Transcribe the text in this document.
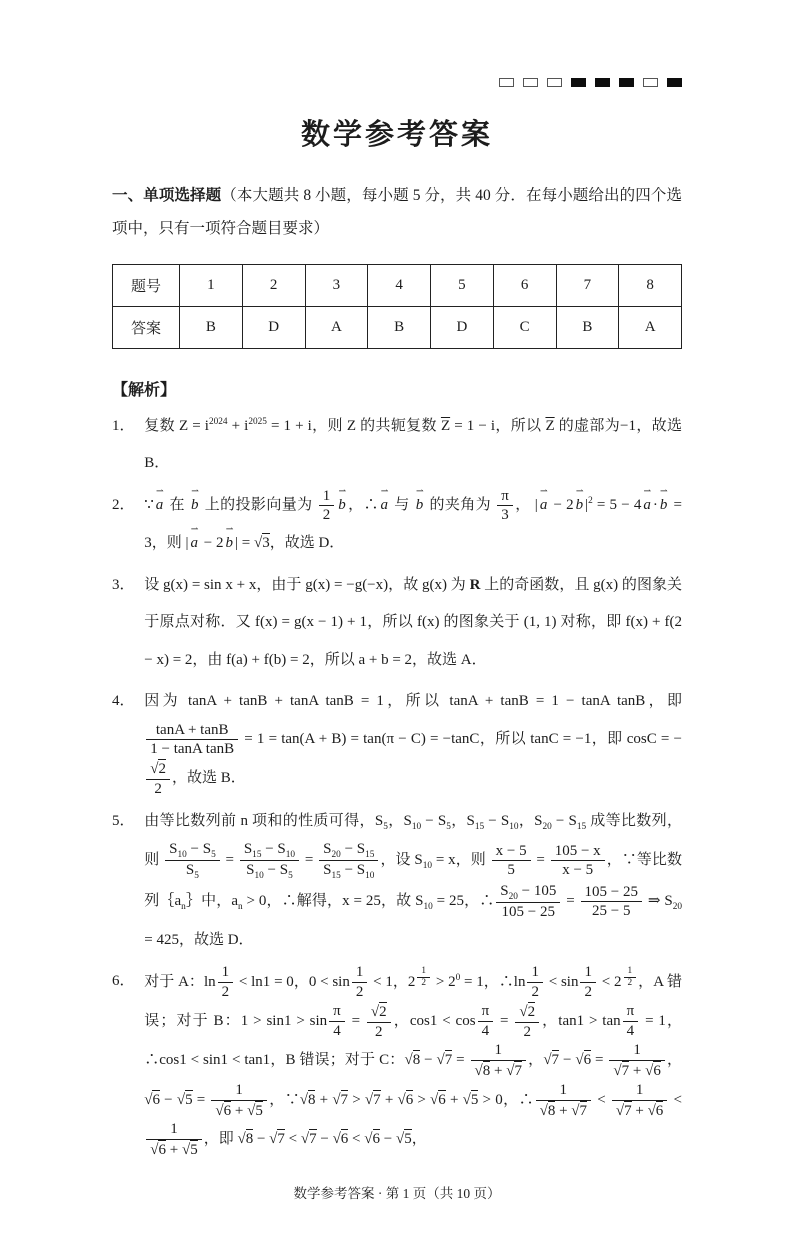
数学参考答案

一、单项选择题（本大题共 8 小题，每小题 5 分，共 40 分．在每小题给出的四个选项中，只有一项符合题目要求）

题号	1	2	3	4	5	6	7	8
答案	B	D	A	B	D	C	B	A
【解析】
1． 复数 $Z = i^{2024} + i^{2025} = 1 + i$，则 Z 的共轭复数 $\overline{Z} = 1 - i$，所以 $\overline{Z}$ 的虚部为−1，故选 B．
2． ∵ a ⇀ 在 b ⇀ 上的投影向量为 $\frac{1}{2}$ b ⇀ ，∴ a ⇀ 与 b ⇀ 的夹角为 $\frac{\pi}{3}$ ， | a ⇀ − 2 b ⇀ $|^2 = 5 - 4$ a ⇀ · b ⇀ = 3，则 | a ⇀ − 2 b ⇀ | = √ 3，故选 D．
3． 设 g(x) = sin x + x，由于 g(x) = −g(−x)，故 g(x) 为 R 上的奇函数，且 g(x) 的图象关于原点对称．又 f(x) = g(x − 1) + 1，所以 f(x) 的图象关于 (1, 1) 对称，即 f(x) + f(2 − x) = 2，由 f(a) + f(b) = 2，所以 a + b = 2，故选 A．
4． 因为 tanA + tanB + tanA tanB = 1，所以 tanA + tanB = 1 − tanA tanB，即
$\frac{\tan A + \tan B}{\text{1 − tanA tanB}} = 1 = \tan(A + B) = \tan(\pi - C) = -\tan C$，所以 tanC = −1，即 cosC = −
√ $\frac{2}{2}$ ，故选 B．
5． 由等比数列前 n 项和的性质可得，$S_5$，$S_{10} - S_5$，$S_{15} - S_{10}$，$S_{20} - S_{15}$ 成等比数列，则 $\frac{S_{10} - S_5}{S_5} = \frac{S_{15} - S_{10}}{S_{10} - S_5} = \frac{S_{20} - S_{15}}{S_{15} - S_{10}}$ ，设 $S_{10} = x$，则 $\frac{x - 5}{5} = \frac{105 - x}{x - 5}$ ，∵等比数列$\{a_n\}$中，$a_n > 0$，∴解得，x = 25，故 $S_{10} = 25$，∴ $\frac{S_{20} - 105}{105 - 25} = \frac{105 - 25}{25 - 5}$ ⇒ $S_{20} = 425$，故选 D．
6． 对于 A：$\ln \frac{1}{2} < \ln 1 = 0$，$0 < \sin \frac{1}{2} < 1$，2 $^{\frac{1}{2}} > 2^0 = 1$，∴ln $\frac{1}{2} < \sin \frac{1}{2} < 2$ $^{\frac{1}{2}}$ ，A 错误；对于 B：$1 > \sin 1 > \sin \frac{\pi}{4}$ = √ $\frac{2}{2}$ ，$\cos 1 < \cos \frac{\pi}{4}$ = √ $\frac{2}{2}$ ，$\tan 1 > \tan \frac{\pi}{4} = 1$，∴cos1 < sin1 < tan1，B 错误；对于 C： √ 8 − √ 7 = 1
√ 8 + √ 7 ， √ 7 − √ 6 = 1
√ 7 + √ 6 ，√ 6 − √ 5 = 1
√ 6 + √ 5 ，∵ √ 8 + √ 7 > √ 7 + √ 6 > √ 6 + √ 5 > 0，∴ 1
√ 8 + √ 7 < 1
√ 7 + √ 6 <
1
√ 6 + √ 5 ，即 √ 8 − √ 7 < √ 7 − √ 6 < √ 6 − √ 5，
数学参考答案 · 第 1 页（共 10 页）
